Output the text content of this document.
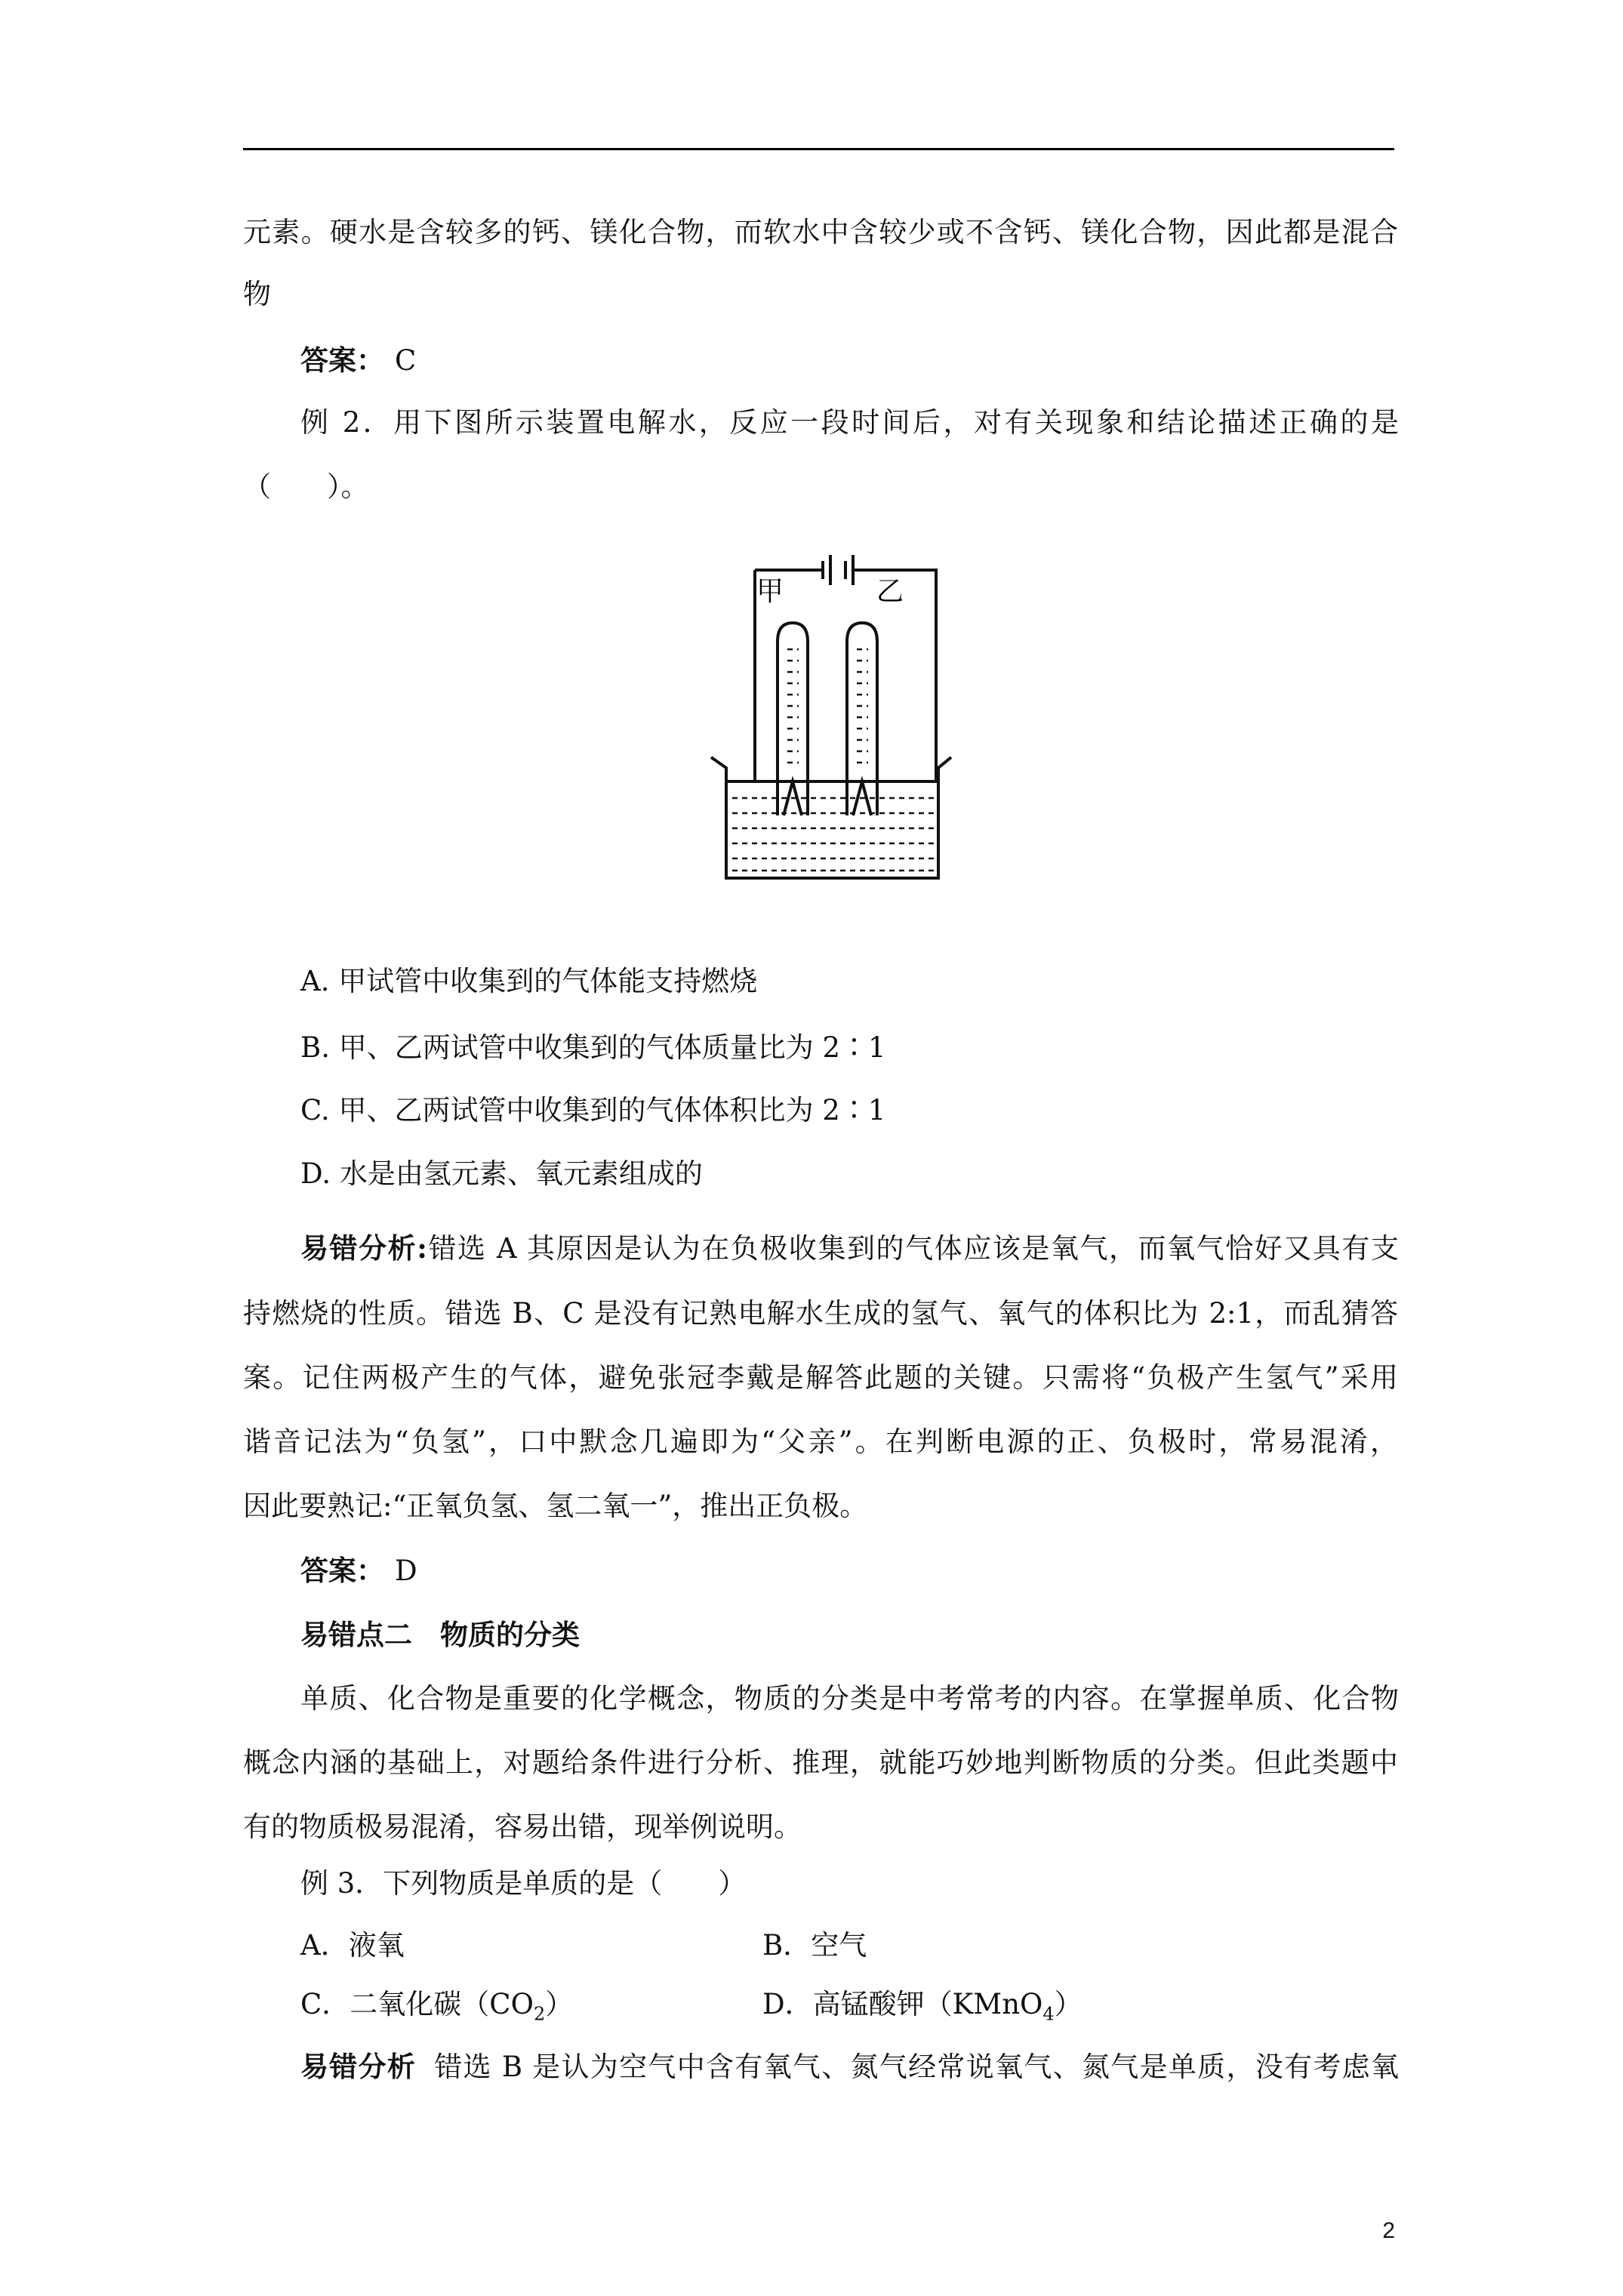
元素。硬水是含较多的钙、镁化合物，而软水中含较少或不含钙、镁化合物，因此都是混合
物
答案： C
例 2．用下图所示装置电解水，反应一段时间后，对有关现象和结论描述正确的是
（　　）。
甲	乙
A. 甲试管中收集到的气体能支持燃烧
B. 甲、乙两试管中收集到的气体质量比为 2∶1
C. 甲、乙两试管中收集到的气体体积比为 2∶1
D. 水是由氢元素、氧元素组成的
易错分析:错选 A 其原因是认为在负极收集到的气体应该是氧气，而氧气恰好又具有支
持燃烧的性质。错选 B、C 是没有记熟电解水生成的氢气、氧气的体积比为 2:1，而乱猜答
案。记住两极产生的气体，避免张冠李戴是解答此题的关键。只需将“负极产生氢气”采用
谐音记法为“负氢”，口中默念几遍即为“父亲”。在判断电源的正、负极时，常易混淆，
因此要熟记:“正氧负氢、氢二氧一”，推出正负极。
答案： D
易错点二　物质的分类
单质、化合物是重要的化学概念，物质的分类是中考常考的内容。在掌握单质、化合物
概念内涵的基础上，对题给条件进行分析、推理，就能巧妙地判断物质的分类。但此类题中
有的物质极易混淆，容易出错，现举例说明。
例 3．下列物质是单质的是（　　）
A．液氧	B．空气
C．二氧化碳$(CO_2)$	D．高锰酸钾（KMnO$_4$）
易错分析 错选 B 是认为空气中含有氧气、氮气经常说氧气、氮气是单质，没有考虑氧
2
